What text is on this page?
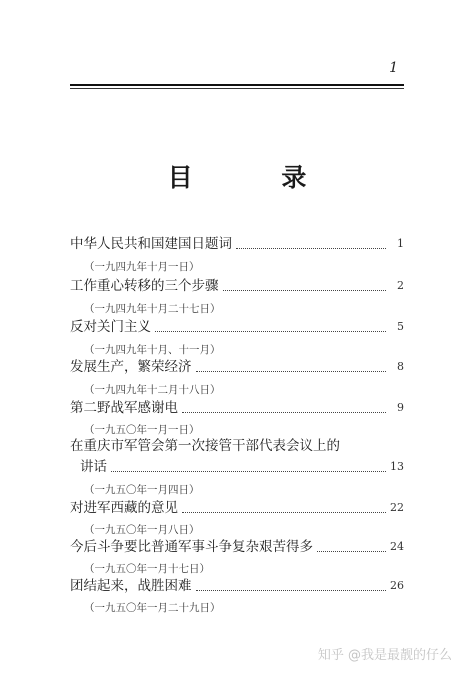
1
目 录
中华人民共和国建国日题词	1
（一九四九年十月一日）
工作重心转移的三个步骤	2
（一九四九年十月二十七日）
反对关门主义	5
（一九四九年十月、十一月）
发展生产，繁荣经济	8
（一九四九年十二月十八日）
第二野战军感谢电	9
（一九五〇年一月一日）
在重庆市军管会第一次接管干部代表会议上的
讲话	13
（一九五〇年一月四日）
对进军西藏的意见	22
（一九五〇年一月八日）
今后斗争要比普通军事斗争复杂艰苦得多	24
（一九五〇年一月十七日）
团结起来，战胜困难	26
（一九五〇年一月二十九日）
知乎 @我是最靓的仔么
